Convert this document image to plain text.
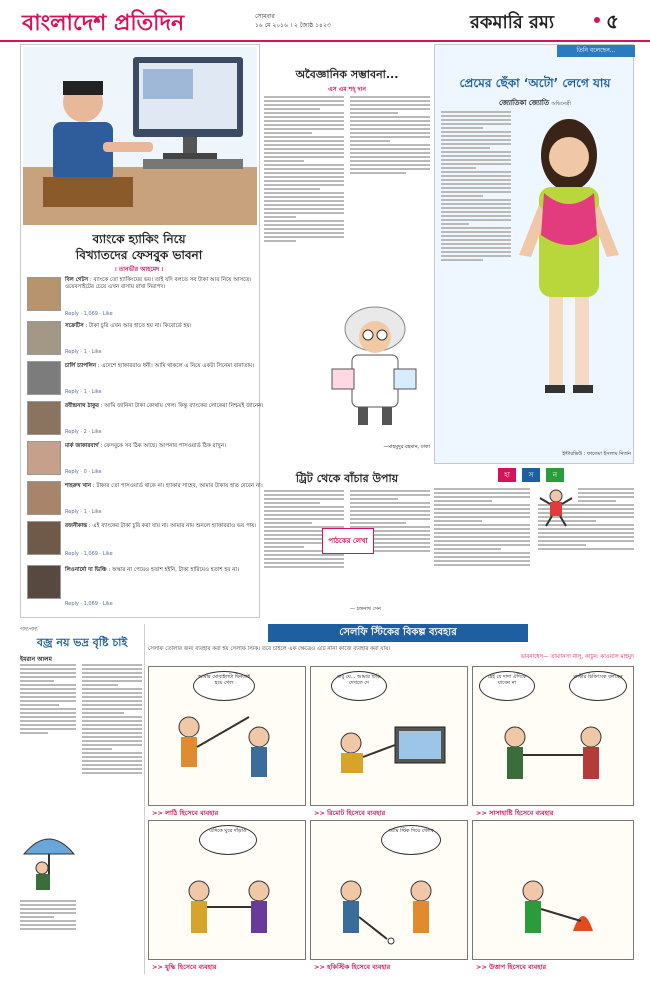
বাংলাদেশ প্রতিদিন	সোমবার
১৬ মে ২০১৬ । ২ জ্যৈষ্ঠ ১৪২৩	রকমারি রম্য	৫
ব্যাংকে হ্যাকিং নিয়ে
বিখ্যাতদের ফেসবুক ভাবনা
। তানভীর আহমেদ ।
বিল গেটস : ব্যাংকে তো হ্যাকিংয়ের ভয়। তাই যদি বলতে সব টাকা আর নিয়ে আসতে। ওয়েবসাইটের চেয়ে এখন বাসায় রাখা নিরাপদ।
Reply · 1,069 · Like
সক্রেটিস : টাকা চুরি এখন আর হাতে হয় না। কিবোর্ডে হয়।
Reply · 1 · Like
চার্লি চ্যাপলিন : এদেশে হ্যাকাররাও ধনী। আমি থাকলে এ নিয়ে একটা সিনেমা বানাতাম।
Reply · 1 · Like
রবীন্দ্রনাথ ঠাকুর : আমি জানিনা টাকা কোথায় গেল। কিন্তু ব্যাংকের লোকেরা নিশ্চয়ই জানেন।
Reply · 2 · Like
মার্ক জাকারবার্গ : ফেসবুকে সব ঠিক আছে। আপনার পাসওয়ার্ড ঠিক রাখুন।
Reply · 0 · Like
শাহরুখ খান : টাকার তো পাসওয়ার্ড থাকে না। হ্যাকার সাহেব, আমার টাকায় হাত দেবেন না।
Reply · 1 · Like
রজনীকান্ত : এই ব্যাংকের টাকা চুরি করা যায় না। আমার নাম শুনলে হ্যাকাররাও ভয় পায়।
Reply · 1,069 · Like
লিওনার্দো দা ভিঞ্চি : অস্কার না পেয়েও হতাশ হইনি, টাকা হারিয়েও হতাশ হব না।
Reply · 1,069 · Like
অবৈজ্ঞানিক সম্ভাবনা...
এস এম শহ্‌ দান
—মাহমুদুর রহমান, ঢাকা
তিনি বলেছেন...
প্রেমের ছেঁকা ‘অটো’ লেগে যায়
জ্যোতিকা জ্যোতি অভিনেত্রী
ইন্টারভিউ : ফাতেমা ইসলাম নির্জন
ট্রিট থেকে বাঁচার উপায়
পাঠকের লেখা
— চন্দ্রনাথ সেন
হা	স	ন
গদ্যপদ্য
বজ্র নয় ভদ্র বৃষ্টি চাই
ইমরান আলম
সেলফি স্টিকের বিকল্প ব্যবহার
সেলফি তোলার জন্য ব্যবহার করা হয় সেলফি স্টিক। তবে চাইলে এক ক্ষেত্রেও এটি নানা কাজে ব্যবহার করা যায়।
ভাবনাধেস— তামানিসা নীলু, কার্টুন: কাওয়াল মাহমুদ
আমার মোবাইলটা ছিনতাই হয়ে গেল
>> লাঠি হিসেবে ব্যবহার
বাবু যে... আমার টিভি দেখতে দে
>> রিমোট হিসেবে ব্যবহার
হেই যে দাদা ঐদিকে যাবেন না
মাস্টার চিকিৎসক বলছেন
>> সাসাহাষ্টি হিসেবে ব্যবহার
এদিকে ঘুরে দাঁড়াও
>> যুদ্ধি হিসেবে ব্যবহার
আমি স্টিক দিয়ে খেলব
>> হকিস্টিক হিসেবে ব্যবহার	>> উত্তাপ হিসেবে ব্যবহার
